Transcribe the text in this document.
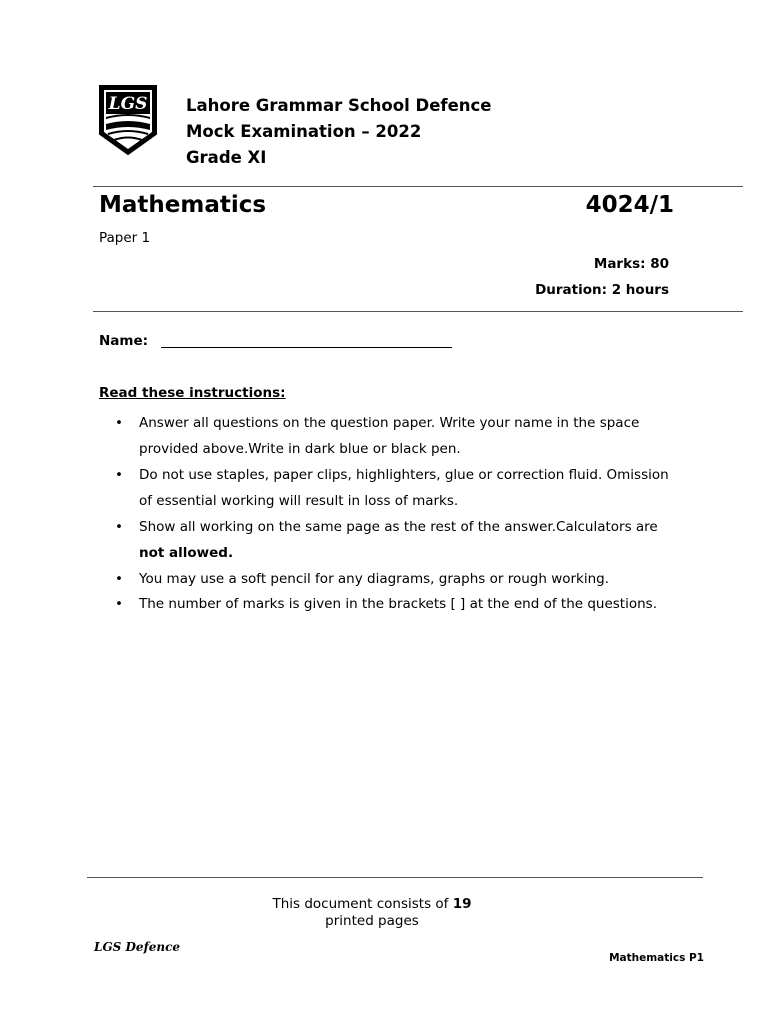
LGS Lahore Grammar School Defence
Mock Examination – 2022
Grade XI
Mathematics	4024/1
Paper 1
Marks: 80
Duration: 2 hours
Name:
Read these instructions:
• Answer all questions on the question paper. Write your name in the space provided above.Write in dark blue or black pen.
• Do not use staples, paper clips, highlighters, glue or correction fluid. Omission of essential working will result in loss of marks.
• Show all working on the same page as the rest of the answer.Calculators are not allowed.
• You may use a soft pencil for any diagrams, graphs or rough working.
• The number of marks is given in the brackets [ ] at the end of the questions.
This document consists of 19
printed pages
LGS Defence
Mathematics P1
